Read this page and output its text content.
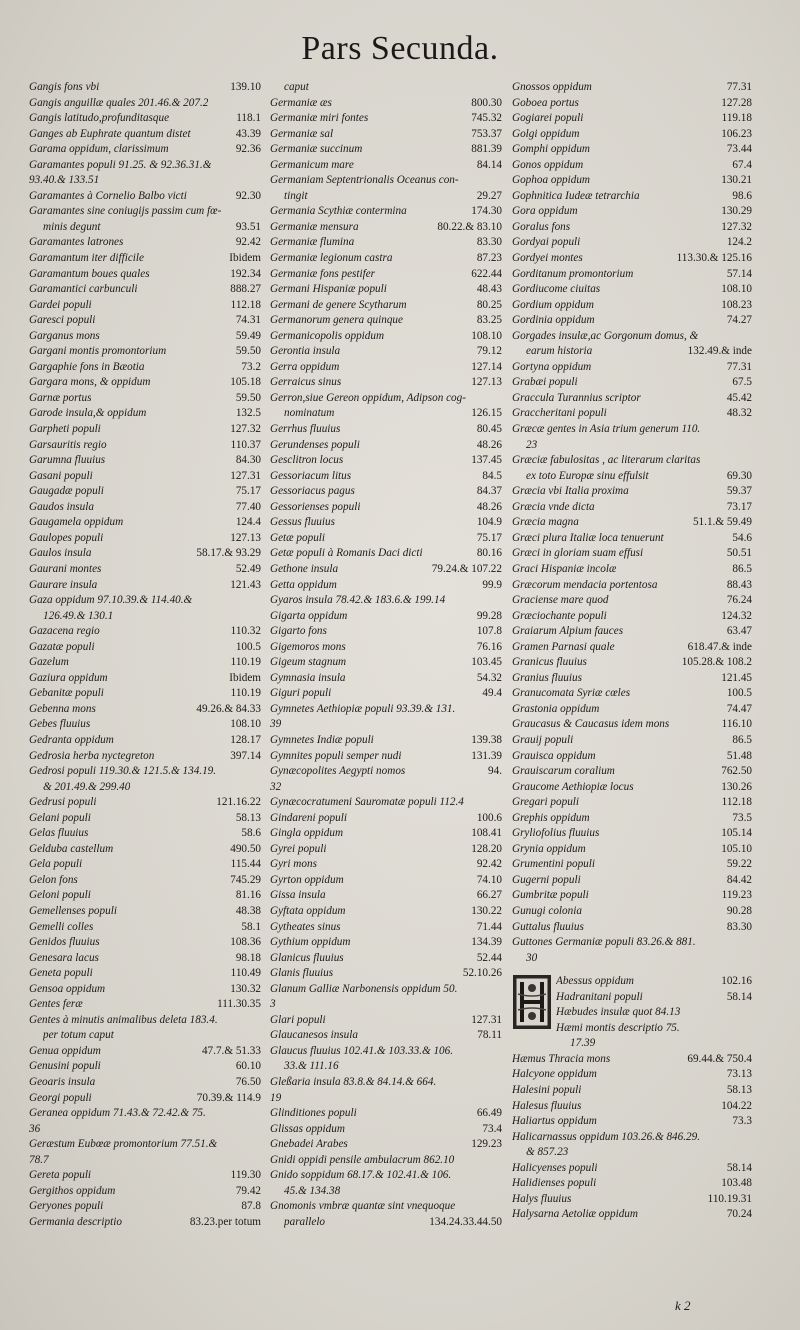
Pars Secunda.
Gangis fons vbi	139.10
Gangis anguillæ quales 201.46.& 207.2
Gangis latitudo,profunditasque	118.1
Ganges ab Euphrate quantum distet	43.39
Garama oppidum, clarissimum	92.36
Garamantes populi 91.25. & 92.36.31.&
93.40.& 133.51
Garamantes à Cornelio Balbo victi	92.30
Garamantes sine coniugijs passim cum fœ-
minis degunt	93.51
Garamantes latrones	92.42
Garamantum iter difficile	Ibidem
Garamantum boues quales	192.34
Garamantici carbunculi	888.27
Gardei populi	112.18
Garesci populi	74.31
Garganus mons	59.49
Gargani montis promontorium	59.50
Gargaphie fons in Bæotia	73.2
Gargara mons, & oppidum	105.18
Garnæ portus	59.50
Garode insula,& oppidum	132.5
Garpheti populi	127.32
Garsauritis regio	110.37
Garumna fluuius	84.30
Gasani populi	127.31
Gaugadæ populi	75.17
Gaudos insula	77.40
Gaugamela oppidum	124.4
Gaulopes populi	127.13
Gaulos insula	58.17.& 93.29
Gaurani montes	52.49
Gaurare insula	121.43
Gaza oppidum 97.10.39.& 114.40.&
126.49.& 130.1
Gazacena regio	110.32
Gazatæ populi	100.5
Gazelum	110.19
Gaziura oppidum	Ibidem
Gebanitæ populi	110.19
Gebenna mons	49.26.& 84.33
Gebes fluuius	108.10
Gedranta oppidum	128.17
Gedrosia herba nyctegreton	397.14
Gedrosi populi 119.30.& 121.5.& 134.19.
& 201.49.& 299.40
Gedrusi populi	121.16.22
Gelani populi	58.13
Gelas fluuius	58.6
Gelduba castellum	490.50
Gela populi	115.44
Gelon fons	745.29
Geloni populi	81.16
Gemellenses populi	48.38
Gemelli colles	58.1
Genidos fluuius	108.36
Genesara lacus	98.18
Geneta populi	110.49
Gensoa oppidum	130.32
Gentes feræ	111.30.35
Gentes à minutis animalibus deleta 183.4.
per totum caput
Genua oppidum	47.7.& 51.33
Genusini populi	60.10
Geoaris insula	76.50
Georgi populi	70.39.& 114.9
Geranea oppidum 71.43.& 72.42.& 75.
36
Geræstum Eubœæ promontorium 77.51.&
78.7
Gereta populi	119.30
Gergithos oppidum	79.42
Geryones populi	87.8
Germania descriptio	83.23.per totum
caput
Germaniæ æs	800.30
Germaniæ miri fontes	745.32
Germaniæ sal	753.37
Germaniæ succinum	881.39
Germanicum mare	84.14
Germaniam Septentrionalis Oceanus con-
tingit	29.27
Germania Scythiæ contermina	174.30
Germaniæ mensura	80.22.& 83.10
Germaniæ flumina	83.30
Germaniæ legionum castra	87.23
Germaniæ fons pestifer	622.44
Germani Hispaniæ populi	48.43
Germani de genere Scytharum	80.25
Germanorum genera quinque	83.25
Germanicopolis oppidum	108.10
Gerontia insula	79.12
Gerra oppidum	127.14
Gerraicus sinus	127.13
Gerron,siue Gereon oppidum, Adipson cog-
nominatum	126.15
Gerrhus fluuius	80.45
Gerundenses populi	48.26
Gesclitron locus	137.45
Gessoriacum litus	84.5
Gessoriacus pagus	84.37
Gessorienses populi	48.26
Gessus fluuius	104.9
Getæ populi	75.17
Getæ populi à Romanis Daci dicti	80.16
Gethone insula	79.24.& 107.22
Getta oppidum	99.9
Gyaros insula 78.42.& 183.6.& 199.14
Gigarta oppidum	99.28
Gigarto fons	107.8
Gigemoros mons	76.16
Gigeum stagnum	103.45
Gymnasia insula	54.32
Giguri populi	49.4
Gymnetes Aethiopiæ populi 93.39.& 131.
39
Gymnetes Indiæ populi	139.38
Gymnites populi semper nudi	131.39
Gynæcopolites Aegypti nomos	94.
32
Gynæcocratumeni Sauromatæ populi 112.4
Gindareni populi	100.6
Gingla oppidum	108.41
Gyrei populi	128.20
Gyri mons	92.42
Gyrton oppidum	74.10
Gissa insula	66.27
Gyftata oppidum	130.22
Gytheates sinus	71.44
Gythium oppidum	134.39
Glanicus fluuius	52.44
Glanis fluuius	52.10.26
Glanum Galliæ Narbonensis oppidum 50.
3
Glari populi	127.31
Glaucanesos insula	78.11
Glaucus fluuius 102.41.& 103.33.& 106.
33.& 111.16
Gleßaria insula 83.8.& 84.14.& 664.
19
Glinditiones populi	66.49
Glissas oppidum	73.4
Gnebadei Arabes	129.23
Gnidi oppidi pensile ambulacrum 862.10
Gnido soppidum 68.17.& 102.41.& 106.
45.& 134.38
Gnomonis vmbræ quantæ sint vnequoque
parallelo	134.24.33.44.50
Gnossos oppidum	77.31
Goboea portus	127.28
Gogiarei populi	119.18
Golgi oppidum	106.23
Gomphi oppidum	73.44
Gonos oppidum	67.4
Gophoa oppidum	130.21
Gophnitica Iudeæ tetrarchia	98.6
Gora oppidum	130.29
Goralus fons	127.32
Gordyai populi	124.2
Gordyei montes	113.30.& 125.16
Gorditanum promontorium	57.14
Gordiucome ciuitas	108.10
Gordium oppidum	108.23
Gordinia oppidum	74.27
Gorgades insulæ,ac Gorgonum domus, &
earum historia	132.49.& inde
Gortyna oppidum	77.31
Grabæi populi	67.5
Graccula Turannius scriptor	45.42
Graccheritani populi	48.32
Græcæ gentes in Asia trium generum 110.
23
Græciæ fabulositas , ac literarum claritas
ex toto Europæ sinu effulsit	69.30
Græcia vbi Italia proxima	59.37
Græcia vnde dicta	73.17
Græcia magna	51.1.& 59.49
Græci plura Italiæ loca tenuerunt	54.6
Græci in gloriam suam effusi	50.51
Graci Hispaniæ incolæ	86.5
Græcorum mendacia portentosa	88.43
Graciense mare quod	76.24
Græciochante populi	124.32
Graiarum Alpium fauces	63.47
Gramen Parnasi quale	618.47.& inde
Granicus fluuius	105.28.& 108.2
Granius fluuius	121.45
Granucomata Syriæ cœles	100.5
Grastonia oppidum	74.47
Graucasus & Caucasus idem mons	116.10
Grauij populi	86.5
Grauisca oppidum	51.48
Grauiscarum coralium	762.50
Graucome Aethiopiæ locus	130.26
Gregari populi	112.18
Grephis oppidum	73.5
Gryliofolius fluuius	105.14
Grynia oppidum	105.10
Grumentini populi	59.22
Gugerni populi	84.42
Gumbritæ populi	119.23
Gunugi colonia	90.28
Guttalus fluuius	83.30
Guttones Germaniæ populi 83.26.& 881.
30
Abessus oppidum	102.16
Hadranitani populi	58.14
Hæbudes insulæ quot 84.13
Hæmi montis descriptio 75.
17.39
Hæmus Thracia mons	69.44.& 750.4
Halcyone oppidum	73.13
Halesini populi	58.13
Halesus fluuius	104.22
Haliartus oppidum	73.3
Halicarnassus oppidum 103.26.& 846.29.
& 857.23
Halicyenses populi	58.14
Halidienses populi	103.48
Halys fluuius	110.19.31
Halysarna Aetoliæ oppidum	70.24
k 2
